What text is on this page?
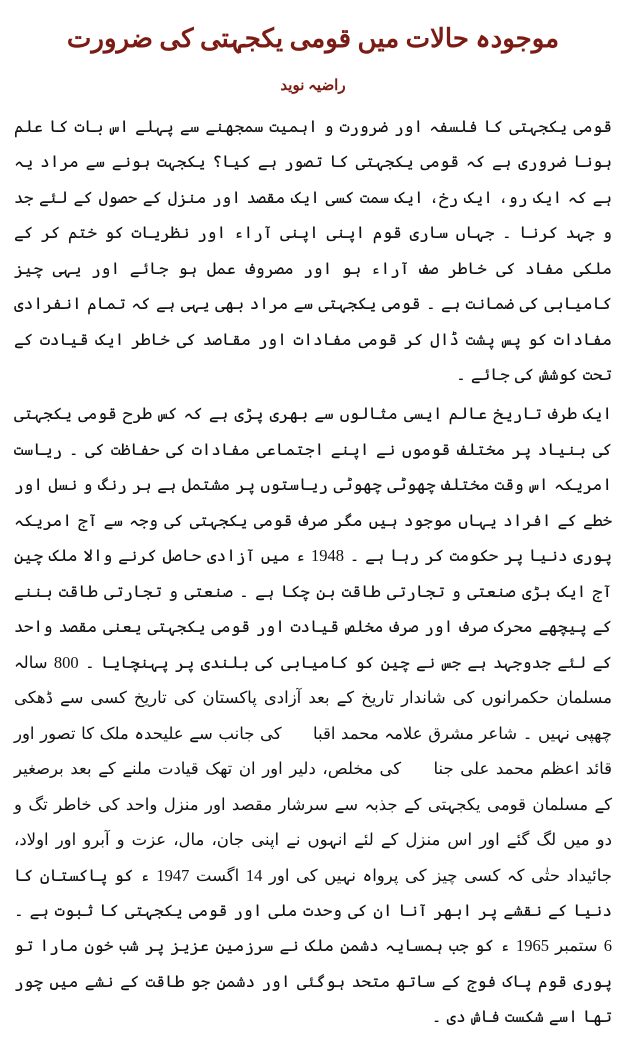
موجودہ حالات میں قومی یکجہتی کی ضرورت
راضیہ نوید

قومی یکجہتی کا فلسفہ اور ضرورت و اہمیت سمجھنے سے پہلے اس بات کا علم ہونا ضروری ہے کہ قومی یکجہتی کا تصور ہے کیا؟ یکجہت ہونے سے مراد یہ ہے کہ ایک رو، ایک رخ، ایک سمت کسی ایک مقصد اور منزل کے حصول کے لئے جد و جہد کرنا ۔ جہاں ساری قوم اپنی اپنی آراء اور نظریات کو ختم کر کے ملکی مفاد کی خاطر صف آراء ہو اور مصروف عمل ہو جائے اور یہی چیز کامیابی کی ضمانت ہے ۔ قومی یکجہتی سے مراد بھی یہی ہے کہ تمام انفرادی مفادات کو پس پشت ڈال کر قومی مفادات اور مقاصد کی خاطر ایک قیادت کے تحت کوشش کی جائے ۔

ایک طرف تاریخ عالم ایسی مثالوں سے بھری پڑی ہے کہ کس طرح قومی یکجہتی کی بنیاد پر مختلف قوموں نے اپنے اجتماعی مفادات کی حفاظت کی ۔ ریاست امریکہ اس وقت مختلف چھوٹی چھوٹی ریاستوں پر مشتمل ہے ہر رنگ و نسل اور خطے کے افراد یہاں موجود ہیں مگر صرف قومی یکجہتی کی وجہ سے آج امریکہ پوری دنیا پر حکومت کر رہا ہے ۔ 1948 ء میں آزادی حاصل کرنے والا ملک چین آج ایک بڑی صنعتی و تجارتی طاقت بن چکا ہے ۔ صنعتی و تجارتی طاقت بننے کے پیچھے محرک صرف اور صرف مخلص قیادت اور قومی یکجہتی یعنی مقصد واحد کے لئے جدوجہد ہے جس نے چین کو کامیابی کی بلندی پر پہنچایا ۔ 800 سالہ مسلمان حکمرانوں کی شاندار تاریخ کے بعد آزادی پاکستان کی تاریخ کسی سے ڈھکی چھپی نہیں ۔ شاعر مشرق علامہ محمد اقبالؒ کی جانب سے علیحدہ ملک کا تصور اور قائد اعظم محمد علی جناحؒ کی مخلص، دلیر اور ان تھک قیادت ملنے کے بعد برصغیر کے مسلمان قومی یکجہتی کے جذبہ سے سرشار مقصد اور منزل واحد کی خاطر تگ و دو میں لگ گئے اور اس منزل کے لئے انہوں نے اپنی جان، مال، عزت و آبرو اور اولاد، جائیداد حتٰی کہ کسی چیز کی پرواہ نہیں کی اور 14 اگست 1947 ء کو پاکستان کا دنیا کے نقشے پر ابھر آنا ان کی وحدت ملی اور قومی یکجہتی کا ثبوت ہے ۔ 6 ستمبر 1965 ء کو جب ہمسایہ دشمن ملک نے سرزمین عزیز پر شب خون مارا تو پوری قوم پاک فوج کے ساتھ متحد ہوگئی اور دشمن جو طاقت کے نشے میں چور تھا اسے شکست فاش دی ۔
